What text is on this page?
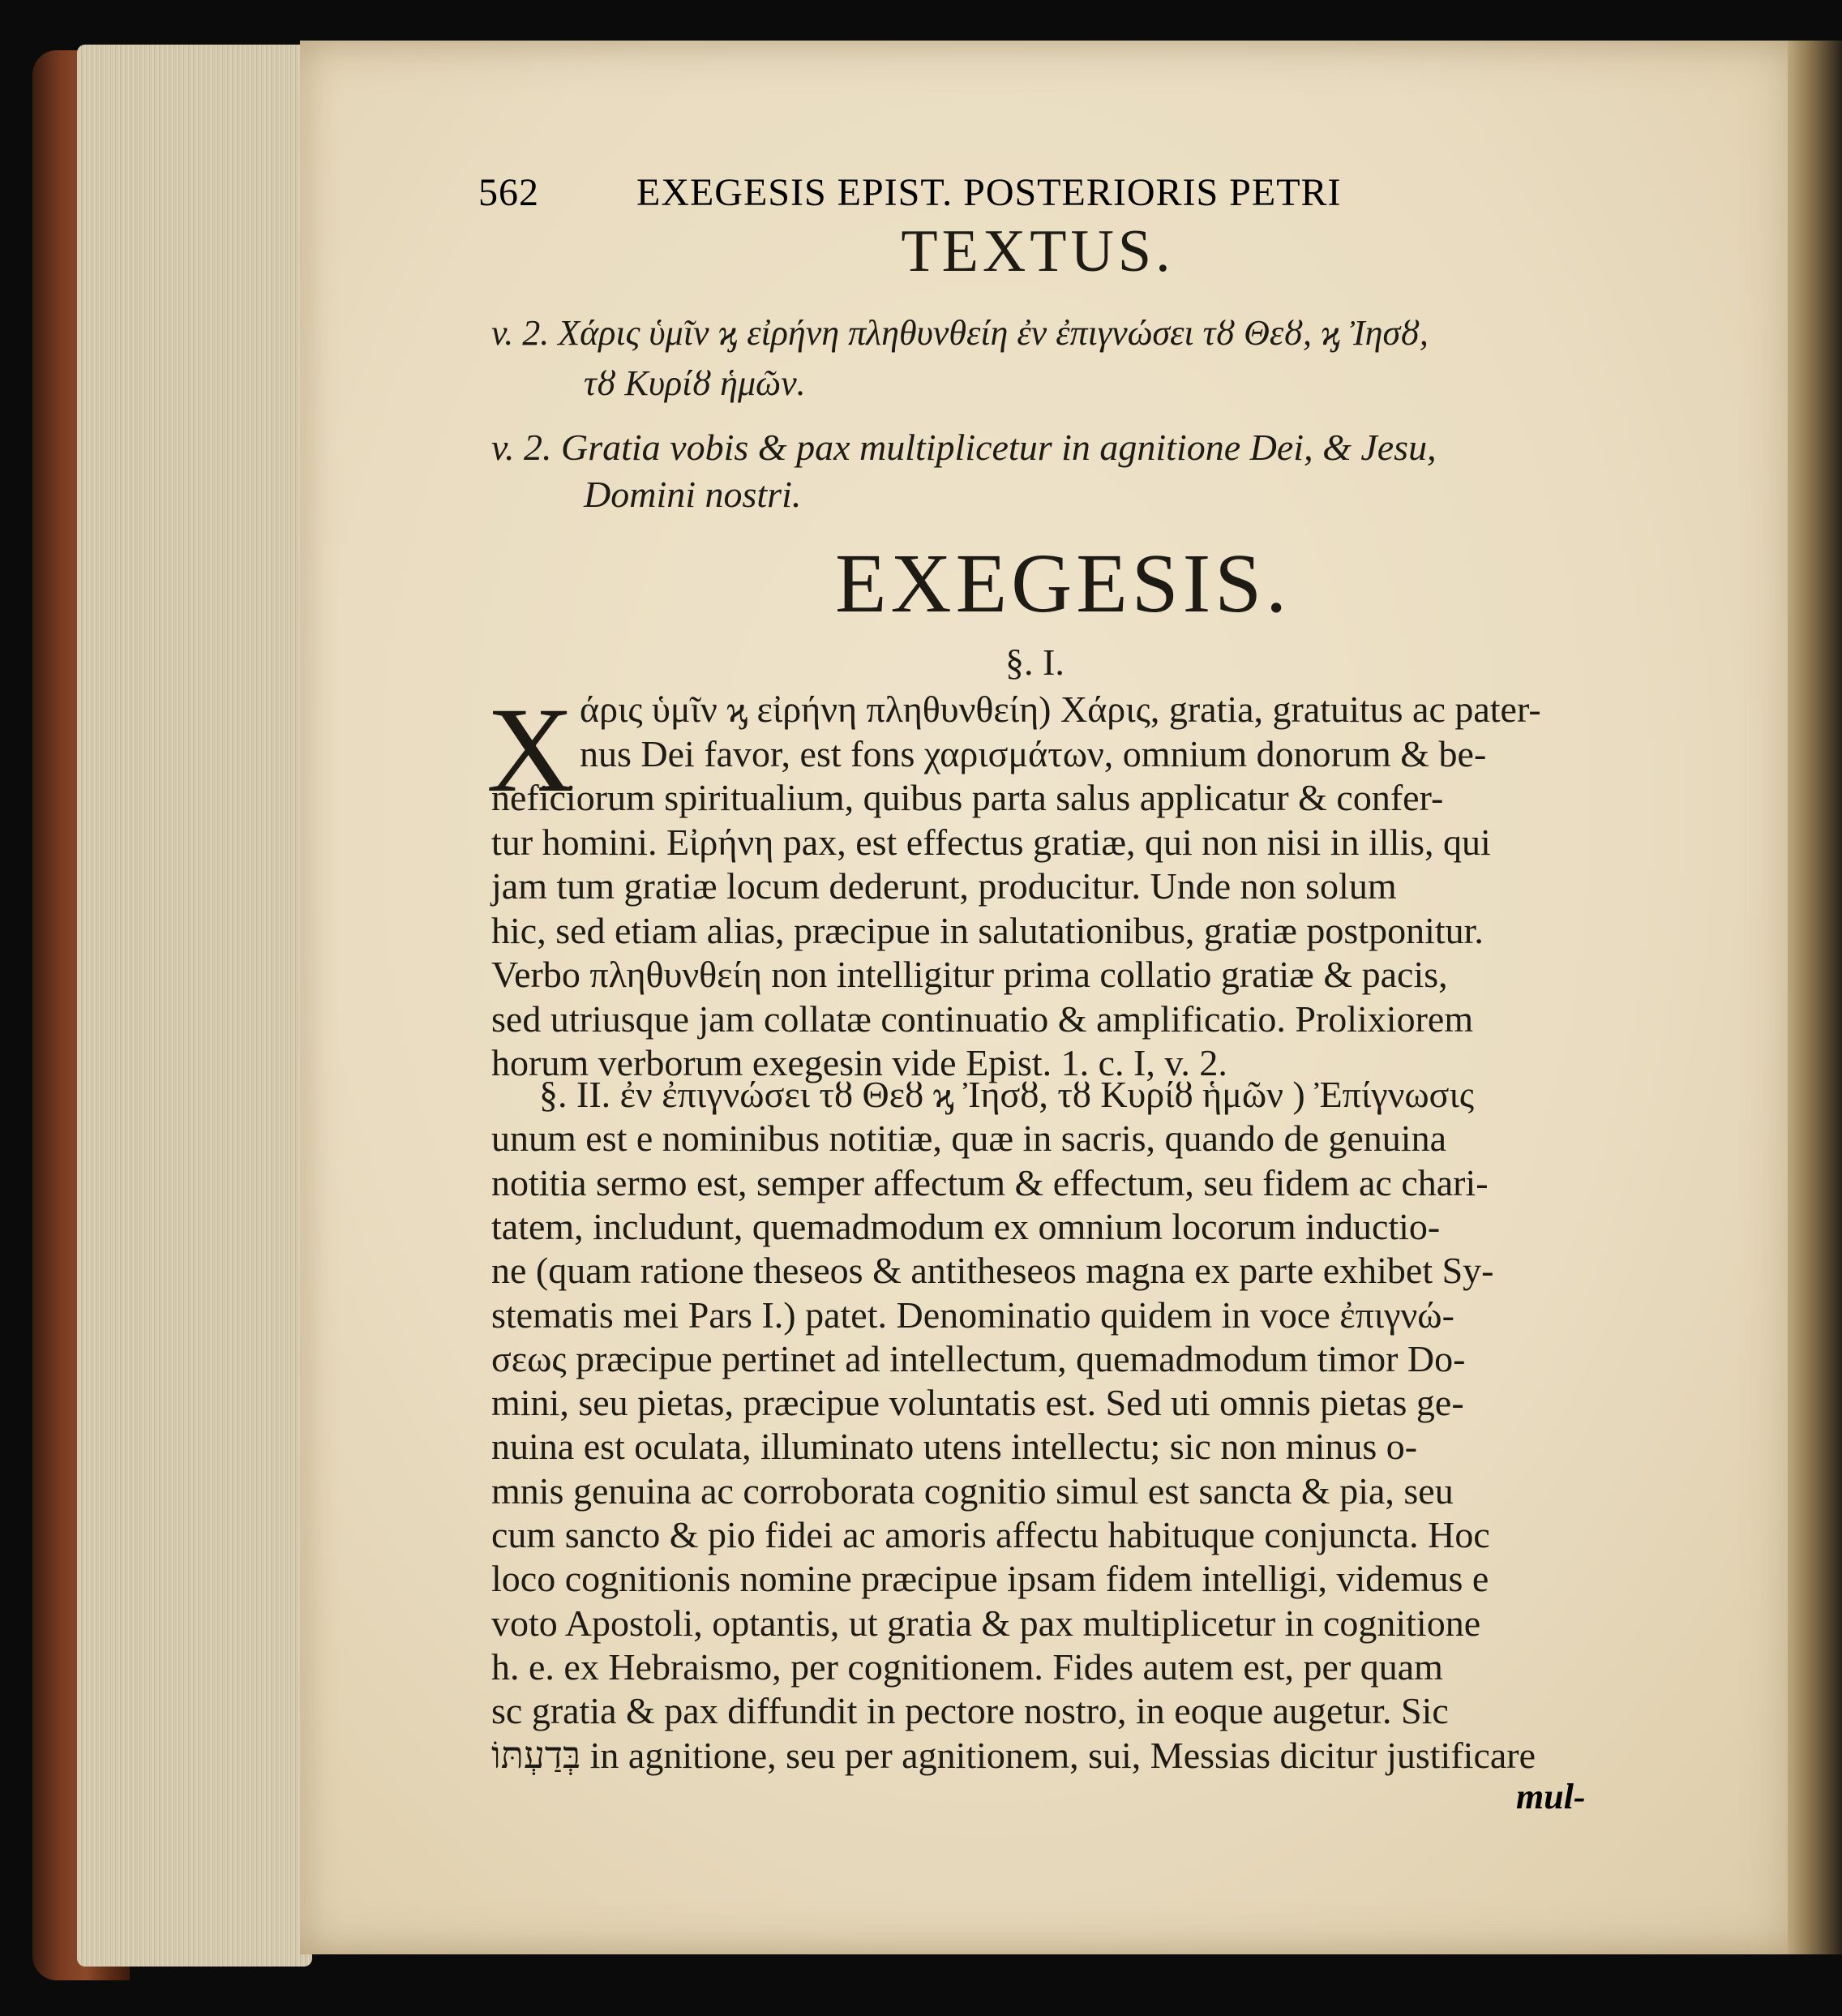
562	EXEGESIS EPIST. POSTERIORIS PETRI
TEXTUS.
v. 2. Χάρις ὑμῖν ϗ εἰρήνη πληθυνθείη ἐν ἐπιγνώσει τȣ Θεȣ, ϗ Ἰησȣ,
τȣ Κυρίȣ ἡμῶν.
v. 2. Gratia vobis & pax multiplicetur in agnitione Dei, & Jesu,
Domini nostri.
EXEGESIS.
§. I.
X άρις ὑμῖν ϗ εἰρήνη πληθυνθείη) Χάρις, gratia, gratuitus ac pater-
nus Dei favor, est fons χαρισμάτων, omnium donorum & be-
neficiorum spiritualium, quibus parta salus applicatur & confer-
tur homini. Εἰρήνη pax, est effectus gratiæ, qui non nisi in illis, qui
jam tum gratiæ locum dederunt, producitur. Unde non solum
hic, sed etiam alias, præcipue in salutationibus, gratiæ postponitur.
Verbo πληθυνθείη non intelligitur prima collatio gratiæ & pacis,
sed utriusque jam collatæ continuatio & amplificatio. Prolixiorem
horum verborum exegesin vide Epist. 1. c. I, v. 2.
§. II. ἐν ἐπιγνώσει τȣ Θεȣ ϗ Ἰησȣ, τȣ Κυρίȣ ἡμῶν ) Ἐπίγνωσις
unum est e nominibus notitiæ, quæ in sacris, quando de genuina
notitia sermo est, semper affectum & effectum, seu fidem ac chari-
tatem, includunt, quemadmodum ex omnium locorum inductio-
ne (quam ratione theseos & antitheseos magna ex parte exhibet Sy-
stematis mei Pars I.) patet. Denominatio quidem in voce ἐπιγνώ-
σεως præcipue pertinet ad intellectum, quemadmodum timor Do-
mini, seu pietas, præcipue voluntatis est. Sed uti omnis pietas ge-
nuina est oculata, illuminato utens intellectu; sic non minus o-
mnis genuina ac corroborata cognitio simul est sancta & pia, seu
cum sancto & pio fidei ac amoris affectu habituque conjuncta. Hoc
loco cognitionis nomine præcipue ipsam fidem intelligi, videmus e
voto Apostoli, optantis, ut gratia & pax multiplicetur in cognitione
h. e. ex Hebraismo, per cognitionem. Fides autem est, per quam
sc gratia & pax diffundit in pectore nostro, in eoque augetur. Sic
בְּדַעְתּוֹ in agnitione, seu per agnitionem, sui, Messias dicitur justificare
mul-
